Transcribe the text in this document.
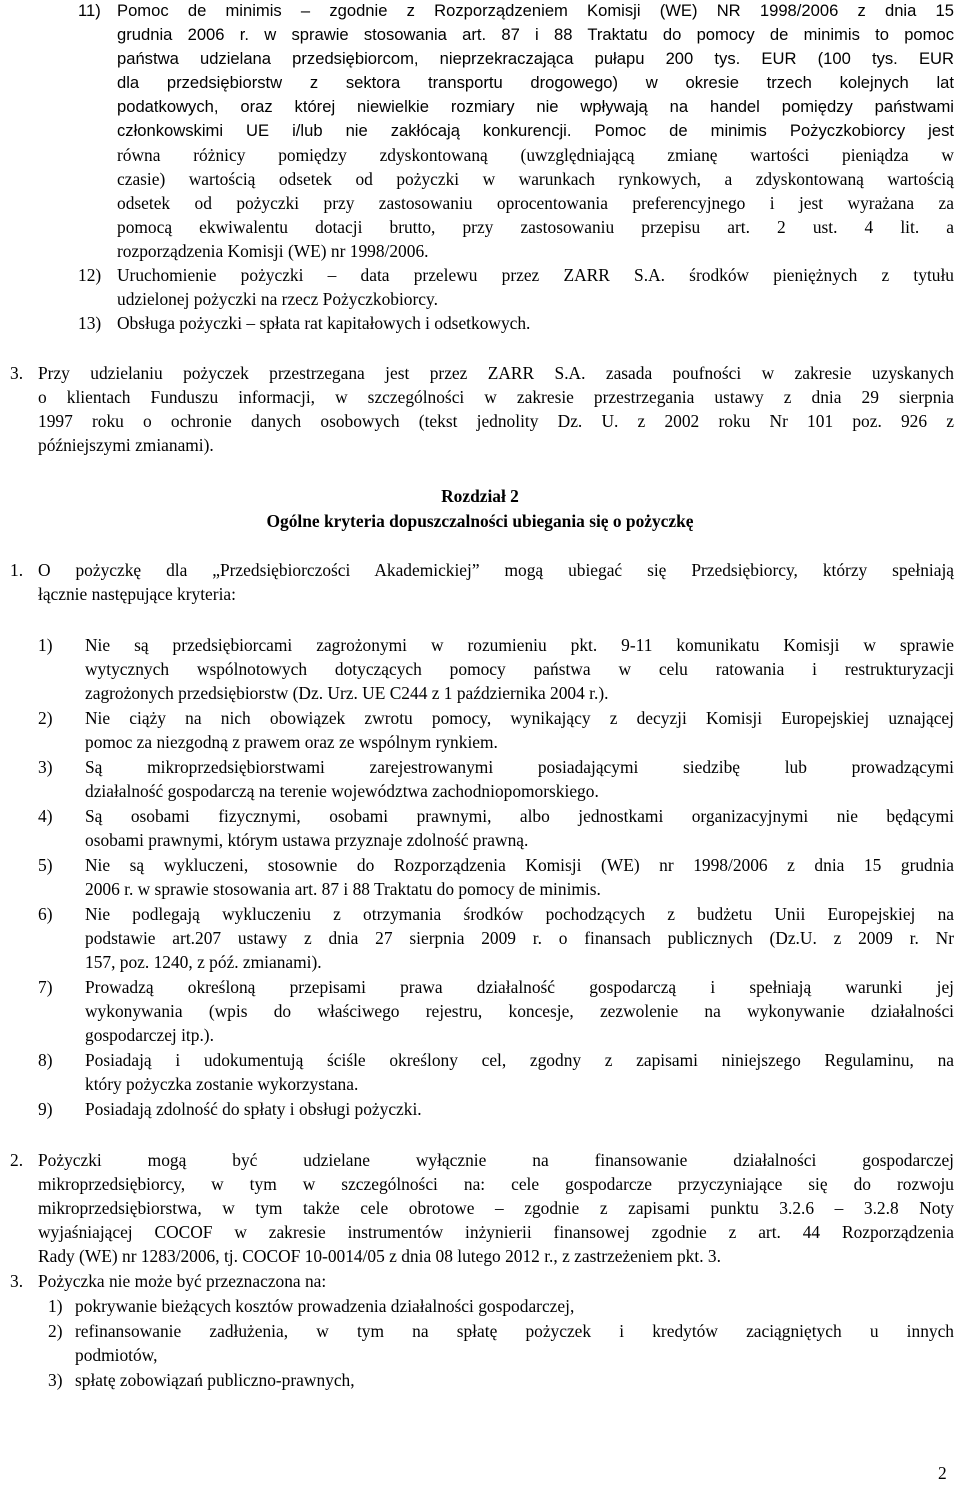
11) Pomoc de minimis – zgodnie z Rozporządzeniem Komisji (WE) NR 1998/2006 z dnia 15
grudnia 2006 r. w sprawie stosowania art. 87 i 88 Traktatu do pomocy de minimis to pomoc
państwa udzielana przedsiębiorcom, nieprzekraczająca pułapu 200 tys. EUR (100 tys. EUR
dla przedsiębiorstw z sektora transportu drogowego) w okresie trzech kolejnych lat
podatkowych, oraz której niewielkie rozmiary nie wpływają na handel pomiędzy państwami
członkowskimi UE i/lub nie zakłócają konkurencji. Pomoc de minimis Pożyczkobiorcy jest
równa różnicy pomiędzy zdyskontowaną (uwzględniającą zmianę wartości pieniądza w
czasie) wartością odsetek od pożyczki w warunkach rynkowych, a zdyskontowaną wartością
odsetek od pożyczki przy zastosowaniu oprocentowania preferencyjnego i jest wyrażana za
pomocą ekwiwalentu dotacji brutto, przy zastosowaniu przepisu art. 2 ust. 4 lit. a
rozporządzenia Komisji (WE) nr 1998/2006.
12) Uruchomienie pożyczki – data przelewu przez ZARR S.A. środków pieniężnych z tytułu
udzielonej pożyczki na rzecz Pożyczkobiorcy.
13) Obsługa pożyczki – spłata rat kapitałowych i odsetkowych.
3. Przy udzielaniu pożyczek przestrzegana jest przez ZARR S.A. zasada poufności w zakresie uzyskanych
o klientach Funduszu informacji, w szczególności w zakresie przestrzegania ustawy z dnia 29 sierpnia
1997 roku o ochronie danych osobowych (tekst jednolity Dz. U. z 2002 roku Nr 101 poz. 926 z
późniejszymi zmianami).
Rozdział 2
Ogólne kryteria dopuszczalności ubiegania się o pożyczkę
1. O pożyczkę dla „Przedsiębiorczości Akademickiej” mogą ubiegać się Przedsiębiorcy, którzy spełniają
łącznie następujące kryteria:
1) Nie są przedsiębiorcami zagrożonymi w rozumieniu pkt. 9-11 komunikatu Komisji w sprawie
wytycznych wspólnotowych dotyczących pomocy państwa w celu ratowania i restrukturyzacji
zagrożonych przedsiębiorstw (Dz. Urz. UE C244 z 1 października 2004 r.).
2) Nie ciąży na nich obowiązek zwrotu pomocy, wynikający z decyzji Komisji Europejskiej uznającej
pomoc za niezgodną z prawem oraz ze wspólnym rynkiem.
3) Są mikroprzedsiębiorstwami zarejestrowanymi posiadającymi siedzibę lub prowadzącymi
działalność gospodarczą na terenie województwa zachodniopomorskiego.
4) Są osobami fizycznymi, osobami prawnymi, albo jednostkami organizacyjnymi nie będącymi
osobami prawnymi, którym ustawa przyznaje zdolność prawną.
5) Nie są wykluczeni, stosownie do Rozporządzenia Komisji (WE) nr 1998/2006 z dnia 15 grudnia
2006 r. w sprawie stosowania art. 87 i 88 Traktatu do pomocy de minimis.
6) Nie podlegają wykluczeniu z otrzymania środków pochodzących z budżetu Unii Europejskiej na
podstawie art.207 ustawy z dnia 27 sierpnia 2009 r. o finansach publicznych (Dz.U. z 2009 r. Nr
157, poz. 1240, z póź. zmianami).
7) Prowadzą określoną przepisami prawa działalność gospodarczą i spełniają warunki jej
wykonywania (wpis do właściwego rejestru, koncesje, zezwolenie na wykonywanie działalności
gospodarczej itp.).
8) Posiadają i udokumentują ściśle określony cel, zgodny z zapisami niniejszego Regulaminu, na
który pożyczka zostanie wykorzystana.
9) Posiadają zdolność do spłaty i obsługi pożyczki.
2. Pożyczki mogą być udzielane wyłącznie na finansowanie działalności gospodarczej
mikroprzedsiębiorcy, w tym w szczególności na: cele gospodarcze przyczyniające się do rozwoju
mikroprzedsiębiorstwa, w tym także cele obrotowe – zgodnie z zapisami punktu 3.2.6 – 3.2.8 Noty
wyjaśniającej COCOF w zakresie instrumentów inżynierii finansowej zgodnie z art. 44 Rozporządzenia
Rady (WE) nr 1283/2006, tj. COCOF 10-0014/05 z dnia 08 lutego 2012 r., z zastrzeżeniem pkt. 3.
3. Pożyczka nie może być przeznaczona na:
1) pokrywanie bieżących kosztów prowadzenia działalności gospodarczej,
2) refinansowanie zadłużenia, w tym na spłatę pożyczek i kredytów zaciągniętych u innych
podmiotów,
3) spłatę zobowiązań publiczno-prawnych,
2
